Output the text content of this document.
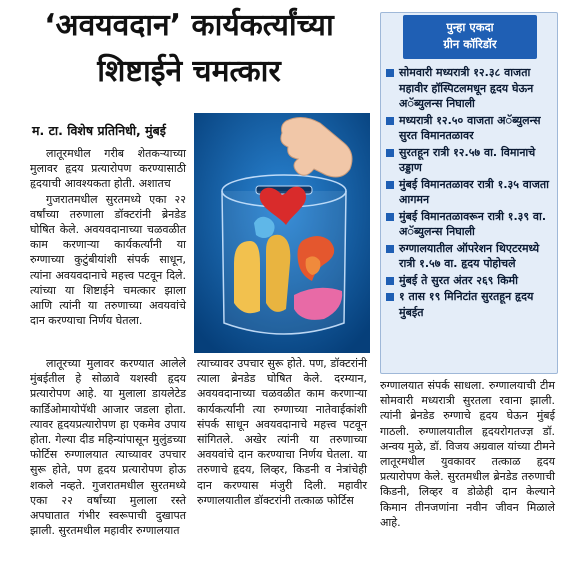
‘अवयवदान’ कार्यकर्त्यांच्या
शिष्टाईने चमत्कार
म. टा. विशेष प्रतिनिधी, मुंबई

लातूरमधील गरीब शेतकऱ्याच्या मुलावर हृदय प्रत्यारोपण करण्यासाठी हृदयाची आवश्यकता होती. अशातच

गुजरातमधील सुरतमध्ये एका २२ वर्षांच्या तरुणाला डॉक्टरांनी ब्रेनडेड घोषित केले. अवयवदानाच्या चळवळीत काम करणाऱ्या कार्यकर्त्यांनी या रुग्णाच्या कुटुंबीयांशी संपर्क साधून, त्यांना अवयवदानाचे महत्त्व पटवून दिले. त्यांच्या या शिष्टाईने चमत्कार झाला आणि त्यांनी या तरुणाच्या अवयवांचे दान करण्याचा निर्णय घेतला.

लातूरच्या मुलावर करण्यात आलेले मुंबईतील हे सोळावे यशस्वी हृदय प्रत्यारोपण आहे. या मुलाला डायलेटेड कार्डिओमायोपॅथी आजार जडला होता. त्यावर हृदयप्रत्यारोपण हा एकमेव उपाय होता. गेल्या दीड महिन्यांपासून मुलुंडच्या फोर्टिस रुग्णालयात त्याच्यावर उपचार सुरू होते, पण हृदय प्रत्यारोपण होऊ शकले नव्हते. गुजरातमधील सुरतमध्ये एका २२ वर्षांच्या मुलाला रस्ते अपघातात गंभीर स्वरूपाची दुखापत झाली. सुरतमधील महावीर रुग्णालयात

त्याच्यावर उपचार सुरू होते. पण, डॉक्टरांनी त्याला ब्रेनडेड घोषित केले. दरम्यान, अवयवदानाच्या चळवळीत काम करणाऱ्या कार्यकर्त्यांनी त्या रुग्णाच्या नातेवाईकांशी संपर्क साधून अवयवदानाचे महत्त्व पटवून सांगितले. अखेर त्यांनी या तरुणाच्या अवयवांचे दान करण्याचा निर्णय घेतला. या तरुणाचे हृदय, लिव्हर, किडनी व नेत्रांचेही दान करण्यास मंजुरी दिली. महावीर रुग्णालयातील डॉक्टरांनी तत्काळ फोर्टिस

पुन्हा एकदा
ग्रीन कॉरिडॉर
सोमवारी मध्यरात्री १२.३८ वाजता महावीर हॉस्पिटलमधून हृदय घेऊन अॅब्युलन्स निघाली
मध्यरात्री १२.५० वाजता अॅब्युलन्स सुरत विमानतळावर
सुरतहून रात्री १२.५७ वा. विमानाचे उड्डाण
मुंबई विमानतळावर रात्री १.३५ वाजता आगमन
मुंबई विमानतळावरून रात्री १.३९ वा. अॅब्युलन्स निघाली
रुग्णालयातील ऑपरेशन थिएटरमध्ये रात्री १.५७ वा. हृदय पोहोचले
मुंबई ते सुरत अंतर २६९ किमी
१ तास १९ मिनिटांत सुरतहून हृदय मुंबईत

रुग्णालयात संपर्क साधला. रुग्णालयाची टीम सोमवारी मध्यरात्री सुरतला रवाना झाली. त्यांनी ब्रेनडेड रुग्णाचे हृदय घेऊन मुंबई गाठली. रुग्णालयातील हृदयरोगतज्ज्ञ डॉ. अन्वय मुळे, डॉ. विजय अग्रवाल यांच्या टीमने लातूरमधील युवकावर तत्काळ हृदय प्रत्यारोपण केले. सुरतमधील ब्रेनडेड तरुणाची किडनी, लिव्हर व डोळेही दान केल्याने किमान तीनजणांना नवीन जीवन मिळाले आहे.
